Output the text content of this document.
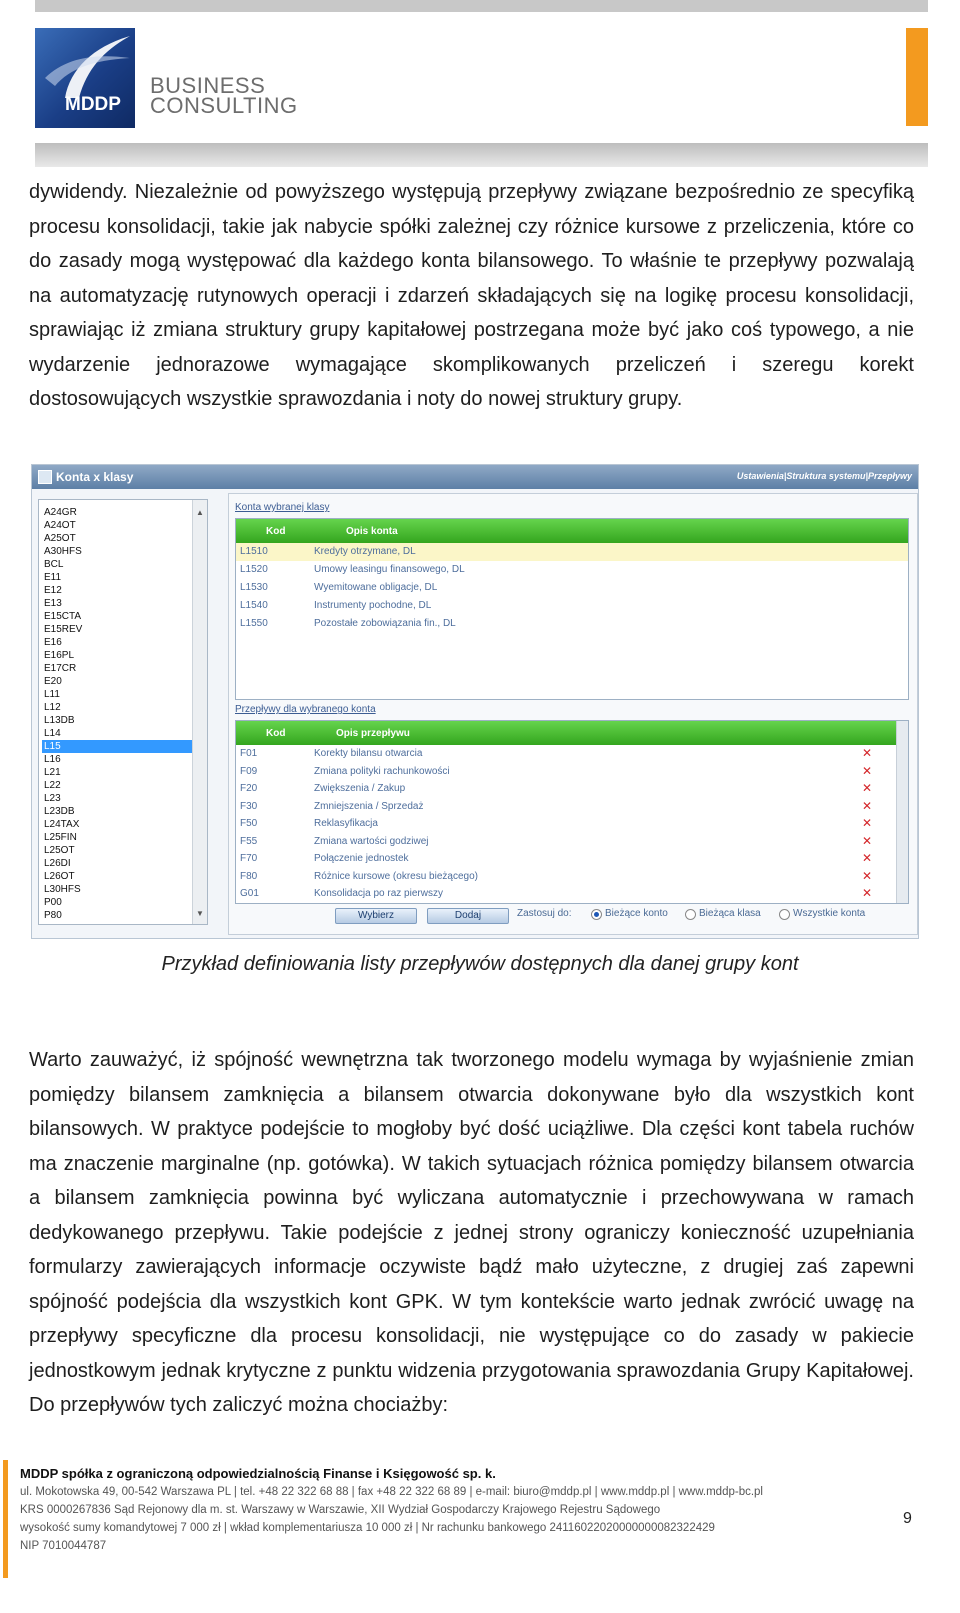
MDDP
BUSINESS
CONSULTING

dywidendy. Niezależnie od powyższego występują przepływy związane bezpośrednio ze specyfiką procesu konsolidacji, takie jak nabycie spółki zależnej czy różnice kursowe z przeliczenia, które co do zasady mogą występować dla każdego konta bilansowego. To właśnie te przepływy pozwalają na automatyzację rutynowych operacji i zdarzeń składających się na logikę procesu konsolidacji, sprawiając iż zmiana struktury grupy kapitałowej postrzegana może być jako coś typowego, a nie wydarzenie jednorazowe wymagające skomplikowanych przeliczeń i szeregu korekt dostosowujących wszystkie sprawozdania i noty do nowej struktury grupy.

Konta x klasy	Ustawienia|Struktura systemu|Przepływy
▲
▼
A24GR
A24OT
A25OT
A30HFS
BCL
E11
E12
E13
E15CTA
E15REV
E16
E16PL
E17CR
E20
L11
L12
L13DB
L14
L15
L16
L21
L22
L23
L23DB
L24TAX
L25FIN
L25OT
L26DI
L26OT
L30HFS
P00
P80
Konta wybranej klasy
Kod	Opis konta
L1510	Kredyty otrzymane, DL
L1520	Umowy leasingu finansowego, DL
L1530	Wyemitowane obligacje, DL
L1540	Instrumenty pochodne, DL
L1550	Pozostałe zobowiązania fin., DL
Przepływy dla wybranego konta
Kod	Opis przepływu
F01	Korekty bilansu otwarcia	✕
F09	Zmiana polityki rachunkowości	✕
F20	Zwiększenia / Zakup	✕
F30	Zmniejszenia / Sprzedaż	✕
F50	Reklasyfikacja	✕
F55	Zmiana wartości godziwej	✕
F70	Połączenie jednostek	✕
F80	Różnice kursowe (okresu bieżącego)	✕
G01	Konsolidacja po raz pierwszy	✕
Wybierz	Dodaj	Zastosuj do:	Bieżące konto	Bieżąca klasa	Wszystkie konta
Przykład definiowania listy przepływów dostępnych dla danej grupy kont

Warto zauważyć, iż spójność wewnętrzna tak tworzonego modelu wymaga by wyjaśnienie zmian pomiędzy bilansem zamknięcia a bilansem otwarcia dokonywane było dla wszystkich kont bilansowych. W praktyce podejście to mogłoby być dość uciążliwe. Dla części kont tabela ruchów ma znaczenie marginalne (np. gotówka). W takich sytuacjach różnica pomiędzy bilansem otwarcia a bilansem zamknięcia powinna być wyliczana automatycznie i przechowywana w ramach dedykowanego przepływu. Takie podejście z jednej strony ograniczy konieczność uzupełniania formularzy zawierających informacje oczywiste bądź mało użyteczne, z drugiej zaś zapewni spójność podejścia dla wszystkich kont GPK. W tym kontekście warto jednak zwrócić uwagę na przepływy specyficzne dla procesu konsolidacji, nie występujące co do zasady w pakiecie jednostkowym jednak krytyczne z punktu widzenia przygotowania sprawozdania Grupy Kapitałowej. Do przepływów tych zaliczyć można chociażby:

MDDP spółka z ograniczoną odpowiedzialnością Finanse i Księgowość sp. k.
ul. Mokotowska 49, 00-542 Warszawa PL | tel. +48 22 322 68 88 | fax +48 22 322 68 89 | e-mail: biuro@mddp.pl | www.mddp.pl | www.mddp-bc.pl
KRS 0000267836 Sąd Rejonowy dla m. st. Warszawy w Warszawie, XII Wydział Gospodarczy Krajowego Rejestru Sądowego
wysokość sumy komandytowej 7 000 zł | wkład komplementariusza 10 000 zł | Nr rachunku bankowego 24116022020000000082322429
NIP 7010044787
9
